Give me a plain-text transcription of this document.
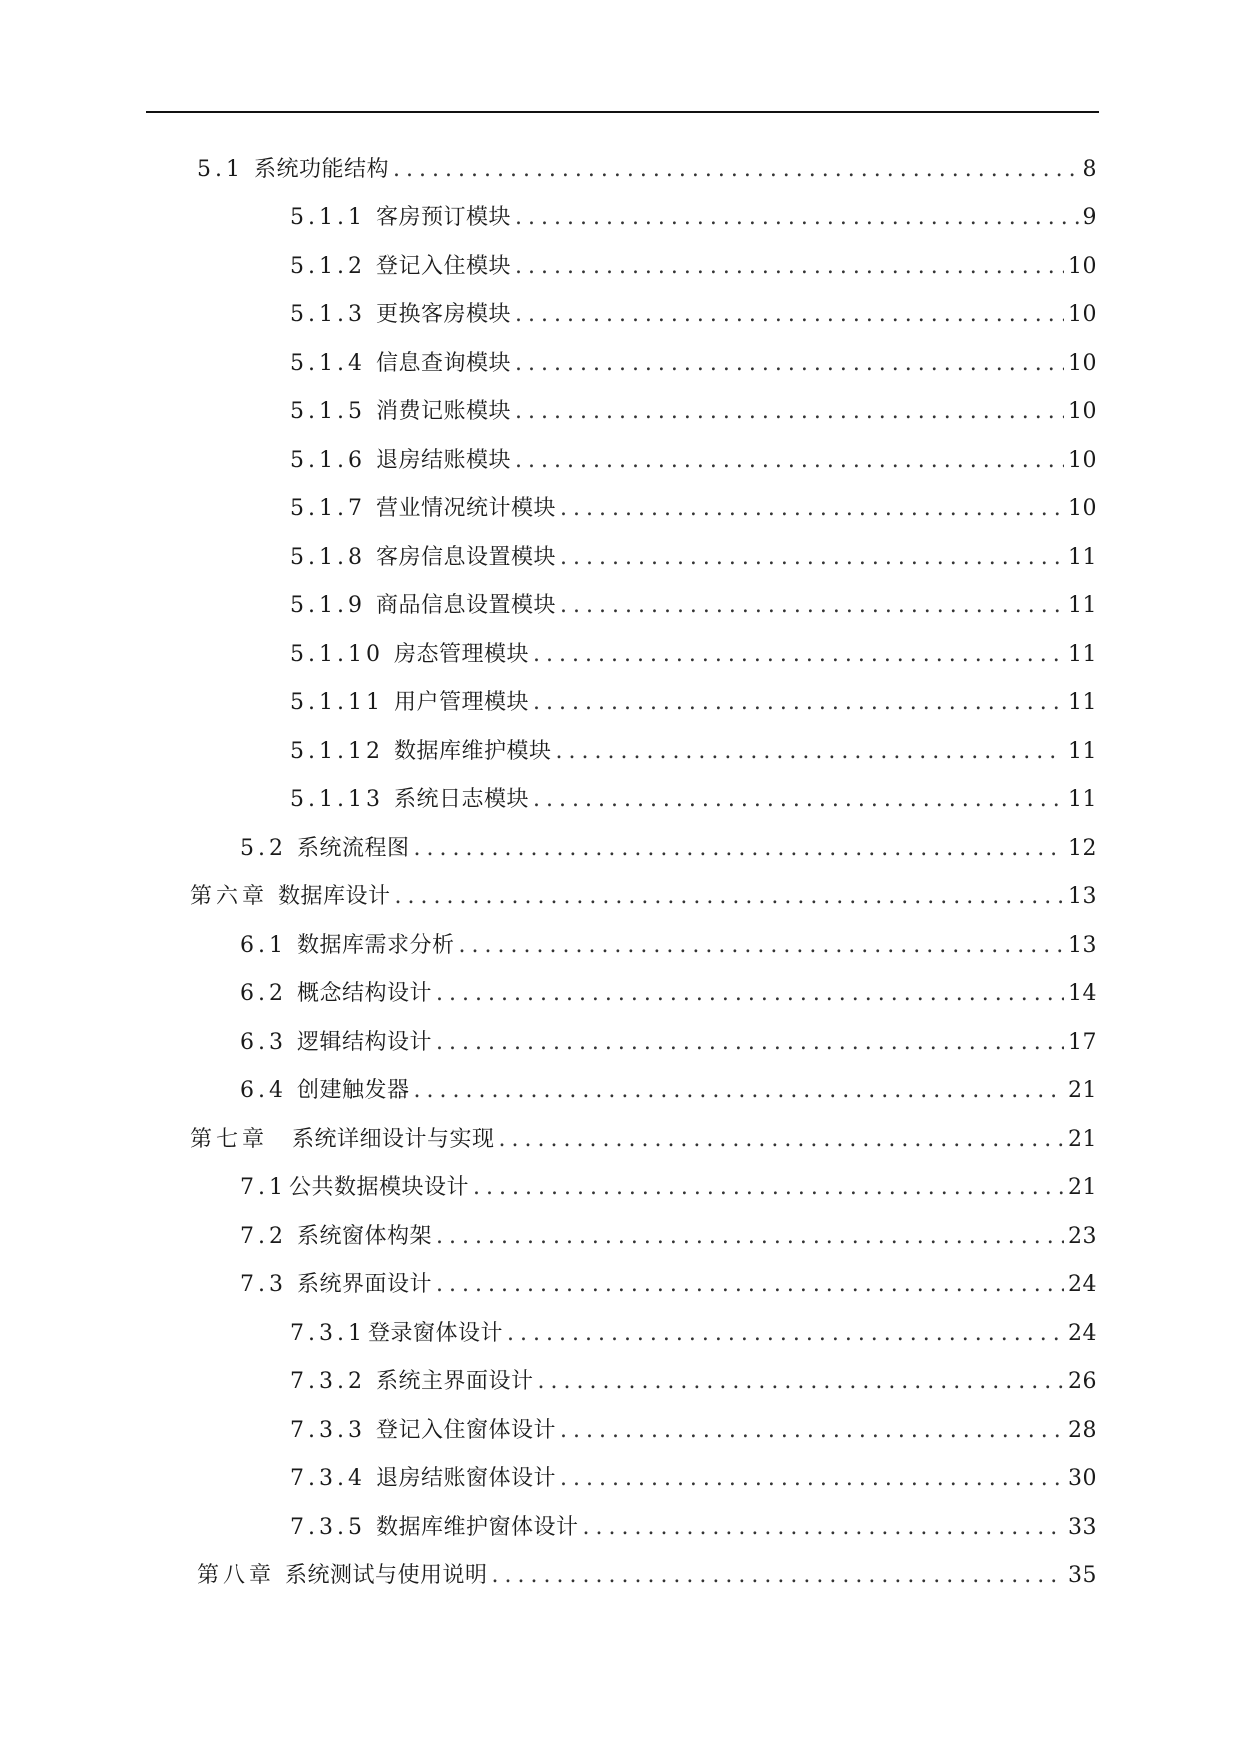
5.1 系统功能结构 .....	8
5.1.1 客房预订模块 .....	9
5.1.2 登记入住模块 .....	10
5.1.3 更换客房模块 .....	10
5.1.4 信息查询模块 .....	10
5.1.5 消费记账模块 .....	10
5.1.6 退房结账模块 .....	10
5.1.7 营业情况统计模块 .....	10
5.1.8 客房信息设置模块 .....	11
5.1.9 商品信息设置模块 .....	11
5.1.10 房态管理模块 .....	11
5.1.11 用户管理模块 .....	11
5.1.12 数据库维护模块 .....	11
5.1.13 系统日志模块 .....	11
5.2 系统流程图 .....	12
第六章 数据库设计 .....	13
6.1 数据库需求分析 .....	13
6.2 概念结构设计 .....	14
6.3 逻辑结构设计 .....	17
6.4 创建触发器 .....	21
第七章 系统详细设计与实现 .....	21
7.1公共数据模块设计 .....	21
7.2 系统窗体构架 .....	23
7.3 系统界面设计 .....	24
7.3.1登录窗体设计 .....	24
7.3.2 系统主界面设计 .....	26
7.3.3 登记入住窗体设计 .....	28
7.3.4 退房结账窗体设计 .....	30
7.3.5 数据库维护窗体设计 .....	33
第八章 系统测试与使用说明 .....	35
